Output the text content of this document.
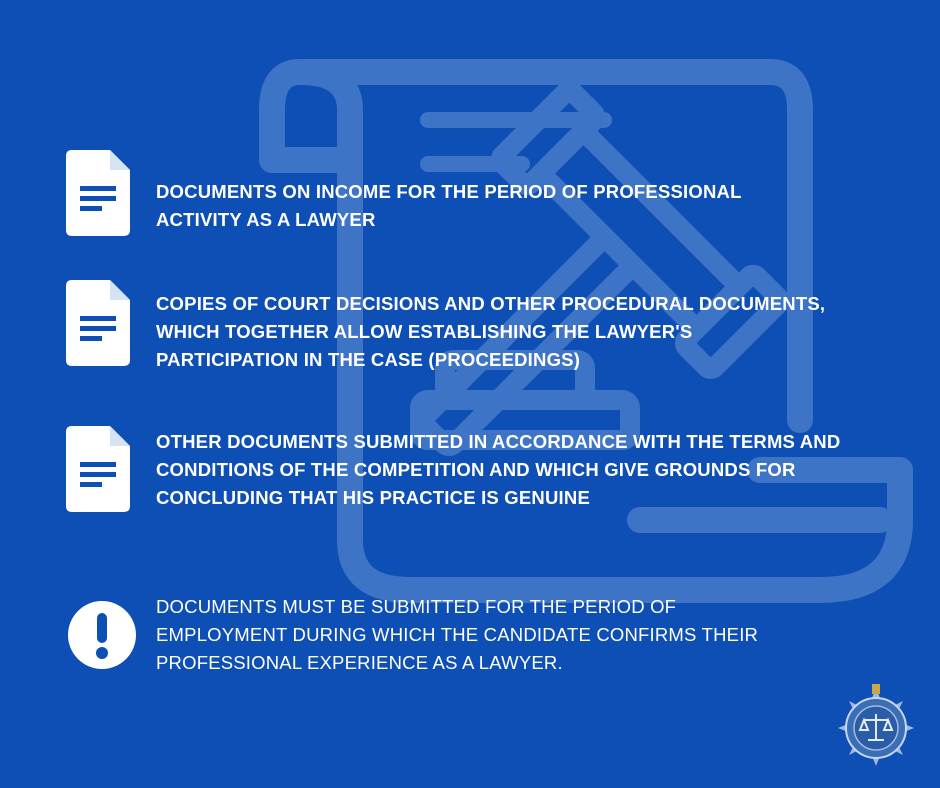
DOCUMENTS ON INCOME FOR THE PERIOD OF PROFESSIONAL
ACTIVITY AS A LAWYER
COPIES OF COURT DECISIONS AND OTHER PROCEDURAL DOCUMENTS,
WHICH TOGETHER ALLOW ESTABLISHING THE LAWYER'S
PARTICIPATION IN THE CASE (PROCEEDINGS)
OTHER DOCUMENTS SUBMITTED IN ACCORDANCE WITH THE TERMS AND
CONDITIONS OF THE COMPETITION AND WHICH GIVE GROUNDS FOR
CONCLUDING THAT HIS PRACTICE IS GENUINE
DOCUMENTS MUST BE SUBMITTED FOR THE PERIOD OF
EMPLOYMENT DURING WHICH THE CANDIDATE CONFIRMS THEIR
PROFESSIONAL EXPERIENCE AS A LAWYER.
